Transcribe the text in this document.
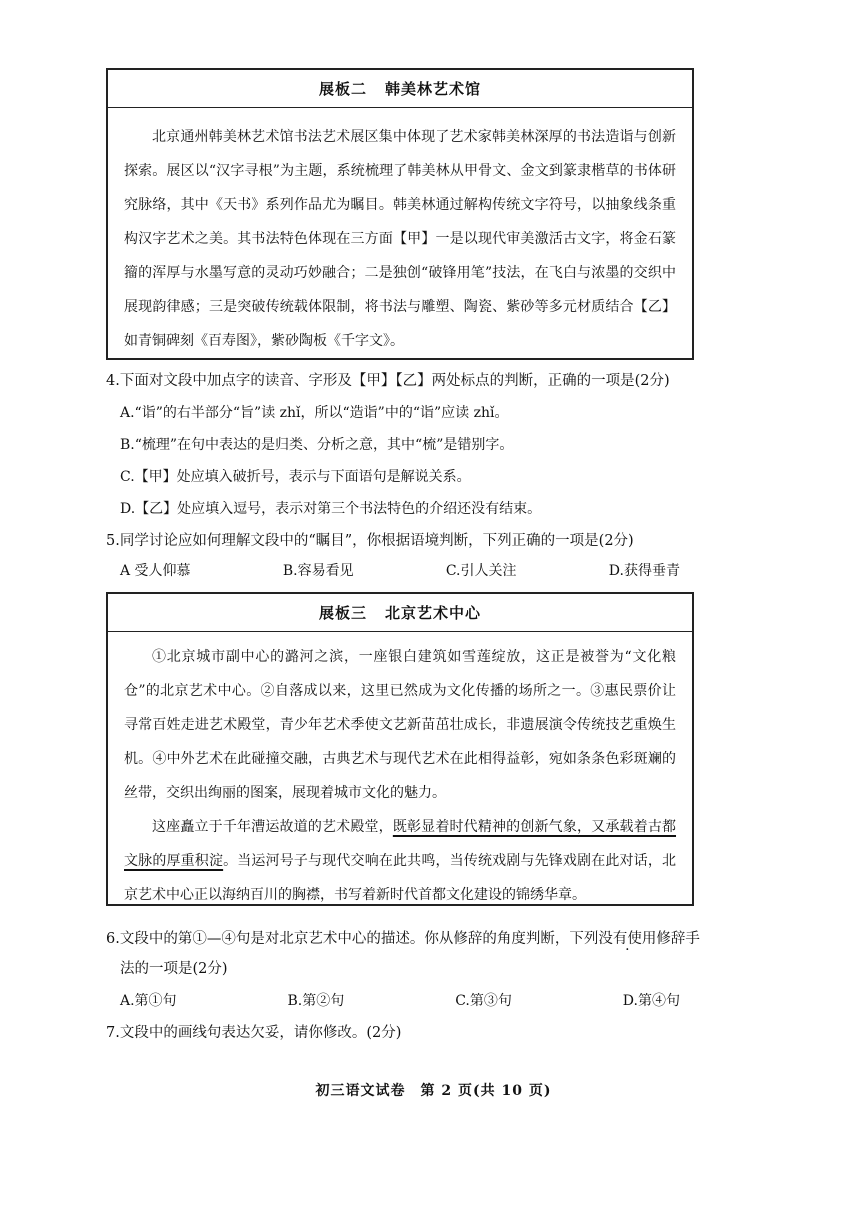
展板二 韩美林艺术馆

北京通州韩美林艺术馆书法艺术展区集中体现了艺术家韩美林深厚的书法造诣与创新探索。展区以“汉字寻根”为主题，系统梳理了韩美林从甲骨文、金文到篆隶楷草的书体研究脉络，其中《天书》系列作品尤为瞩目。韩美林通过解构传统文字符号，以抽象线条重构汉字艺术之美。其书法特色体现在三方面【甲】一是以现代审美激活古文字，将金石篆籀的浑厚与水墨写意的灵动巧妙融合；二是独创“破锋用笔”技法，在飞白与浓墨的交织中展现韵律感；三是突破传统载体限制，将书法与雕塑、陶瓷、紫砂等多元材质结合【乙】如青铜碑刻《百寿图》，紫砂陶板《千字文》。

4.下面对文段中加点字的读音、字形及【甲】【乙】两处标点的判断，正确的一项是(2分)
A.“诣”的右半部分“旨”读 zhǐ，所以“造诣”中的“诣”应读 zhǐ。
B.“梳理”在句中表达的是归类、分析之意，其中“梳”是错别字。
C.【甲】处应填入破折号，表示与下面语句是解说关系。
D.【乙】处应填入逗号，表示对第三个书法特色的介绍还没有结束。
5.同学讨论应如何理解文段中的“瞩目”，你根据语境判断，下列正确的一项是(2分)
A 受人仰慕	B.容易看见	C.引人关注	D.获得垂青
展板三 北京艺术中心

①北京城市副中心的潞河之滨，一座银白建筑如雪莲绽放，这正是被誉为“文化粮仓”的北京艺术中心。②自落成以来，这里已然成为文化传播的场所之一。③惠民票价让寻常百姓走进艺术殿堂，青少年艺术季使文艺新苗茁壮成长，非遗展演令传统技艺重焕生机。④中外艺术在此碰撞交融，古典艺术与现代艺术在此相得益彰，宛如条条色彩斑斓的丝带，交织出绚丽的图案，展现着城市文化的魅力。

这座矗立于千年漕运故道的艺术殿堂，既彰显着时代精神的创新气象，又承载着古都文脉的厚重积淀。当运河号子与现代交响在此共鸣，当传统戏剧与先锋戏剧在此对话，北京艺术中心正以海纳百川的胸襟，书写着新时代首都文化建设的锦绣华章。

6.文段中的第①—④句是对北京艺术中心的描述。你从修辞的角度判断，下列没有使用修辞手
法的一项是(2分)
A.第①句	B.第②句	C.第③句	D.第④句
7.文段中的画线句表达欠妥，请你修改。(2分)
初三语文试卷　第 2 页(共 10 页)
